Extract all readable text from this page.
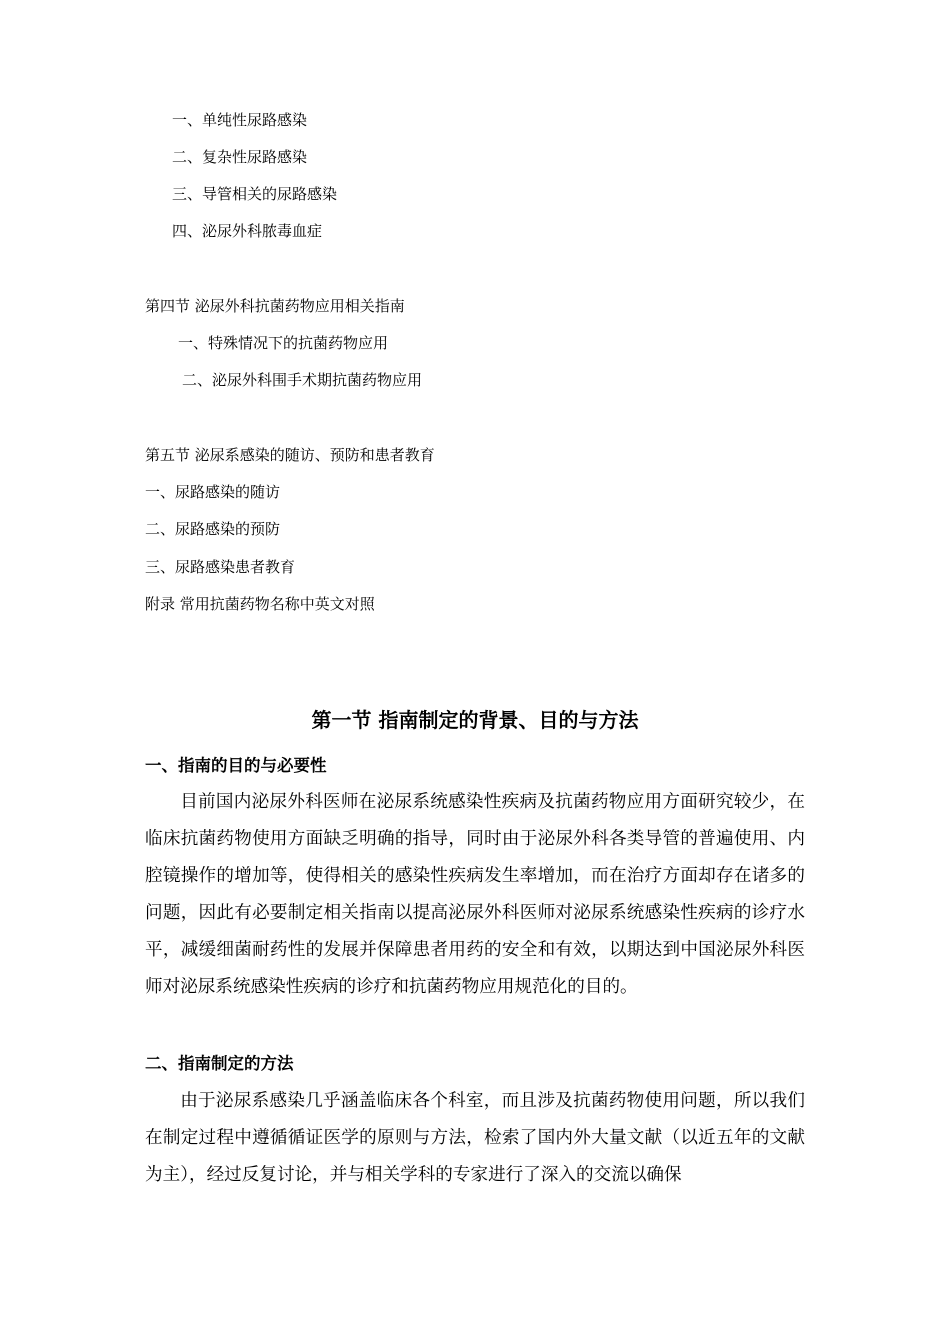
一、单纯性尿路感染
二、复杂性尿路感染
三、导管相关的尿路感染
四、泌尿外科脓毒血症
第四节 泌尿外科抗菌药物应用相关指南
一、特殊情况下的抗菌药物应用
二、泌尿外科围手术期抗菌药物应用
第五节 泌尿系感染的随访、预防和患者教育
一、尿路感染的随访
二、尿路感染的预防
三、尿路感染患者教育
附录 常用抗菌药物名称中英文对照
第一节 指南制定的背景、目的与方法
一、指南的目的与必要性

目前国内泌尿外科医师在泌尿系统感染性疾病及抗菌药物应用方面研究较少，在临床抗菌药物使用方面缺乏明确的指导，同时由于泌尿外科各类导管的普遍使用、内腔镜操作的增加等，使得相关的感染性疾病发生率增加，而在治疗方面却存在诸多的问题，因此有必要制定相关指南以提高泌尿外科医师对泌尿系统感染性疾病的诊疗水平，减缓细菌耐药性的发展并保障患者用药的安全和有效，以期达到中国泌尿外科医师对泌尿系统感染性疾病的诊疗和抗菌药物应用规范化的目的。

二、指南制定的方法

由于泌尿系感染几乎涵盖临床各个科室，而且涉及抗菌药物使用问题，所以我们在制定过程中遵循循证医学的原则与方法，检索了国内外大量文献（以近五年的文献为主），经过反复讨论，并与相关学科的专家进行了深入的交流以确保
